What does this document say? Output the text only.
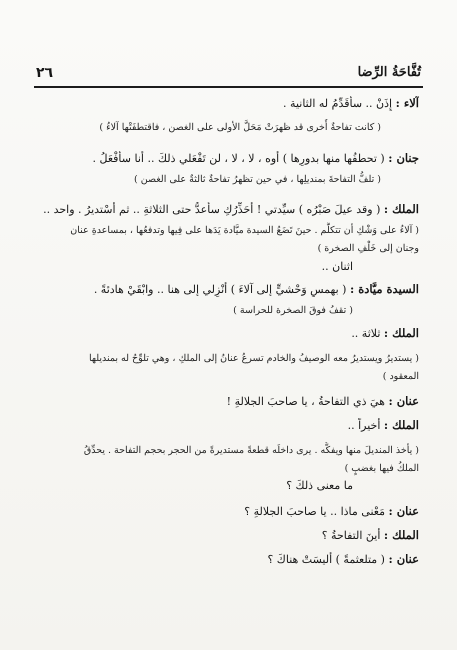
٢٦	تُفَّاحَةُ الرِّضا
آلاء : إِذَنْ .. سأُقَدِّمُ له الثانية .
( كانت تفاحةٌ أُخرى قد ظهرَتْ مَحَلَّ الأولى على الغصن ، فاقتطفَتْها آلاءُ )
جنان : ( تحطفُها منها بدورِها ) أوه ، لا ، لا ، لن تَفْعَلي ذلكَ .. أنا سأفْعَلُ .
( تلفُّ التفاحةَ بمنديلِها ، في حين تظهرُ تفاحةٌ ثالثةٌ على الغصن )
الملك : ( وقد عيلَ صَبْرُه ) سيِّدتي ! أُحَذِّرُكِ سأعدُّ حتى الثلاثةِ .. ثم أَسْتديرُ . واحد ..
( آلاءُ على وَشْكِ أن تتكلَّم . حينَ تَضَعُ السيدة ميَّادة يَدَها على فِيها وتدفعُها ، بمساعدةِ عنان
وجنان إلى خَلْفِ الصخرة )
اثنان ..
السيدة ميَّادة : ( بهمسٍ وَحْشيٍّ إلى آلاءَ ) أَنْزِلي إلى هنا .. وابْقَيْ هادئةً .
( تقفُ فوقَ الصخرة للحراسة )
الملك : ثلاثة ..
( يستديرُ ويستديرُ معه الوصيفُ والخادم تسرعُ عنانُ إلى الملكِ ، وهي تلوِّحُ له بمنديلها
المعقود )
عنان : هيَ ذي التفاحةُ ، يا صاحبَ الجلالةِ !
الملك : أخيراً ..
( يأخذ المنديلَ منها ويفكُّه . يرى داخلَه قطعةً مستديرةً من الحجر بحجم التفاحة . يحدِّقُ
الملكُ فيها بغضبٍ )
ما معنى ذلكَ ؟
عنان : مَعْنى ماذا .. يا صاحبَ الجلالةِ ؟
الملك : أينَ التفاحةُ ؟
عنان : ( متلعثمةً ) أليسَتْ هناكَ ؟
